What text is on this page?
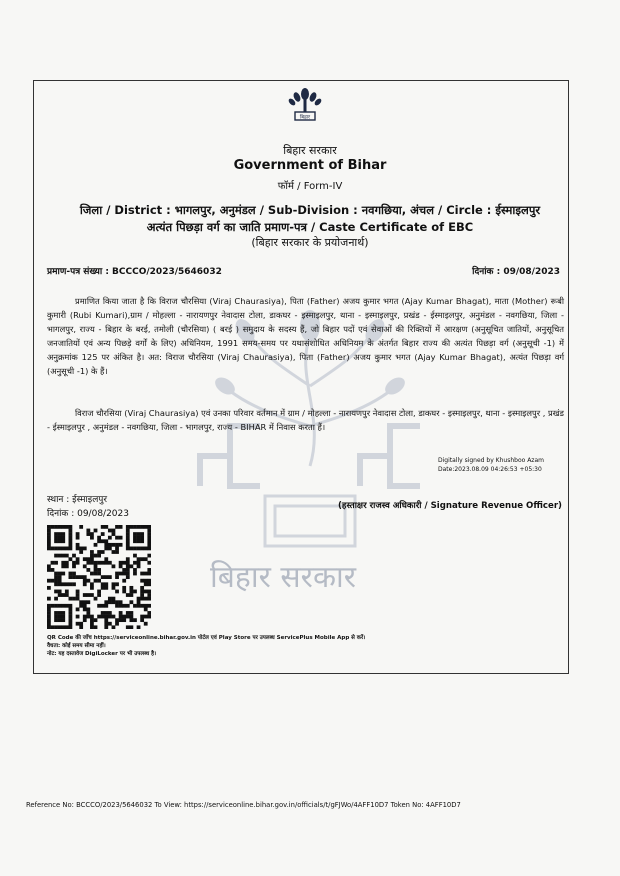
बिहार
बिहार सरकार
Government of Bihar
फॉर्म / Form-IV
जिला / District : भागलपुर, अनुमंडल / Sub-Division : नवगछिया, अंचल / Circle : ईस्माइलपुर
अत्यंत पिछड़ा वर्ग का जाति प्रमाण-पत्र / Caste Certificate of EBC
(बिहार सरकार के प्रयोजनार्थ)
बिहार सरकार
प्रमाण-पत्र संख्या : BCCCO/2023/5646032	दिनांक : 09/08/2023
प्रमाणित किया जाता है कि विराज चौरसिया (Viraj Chaurasiya), पिता (Father) अजय कुमार भगत (Ajay Kumar Bhagat), माता (Mother) रूबी कुमारी (Rubi Kumari),ग्राम / मोहल्ला - नारायणपुर नेवादास टोला, डाकघर - इस्माइलपुर, थाना - इस्माइलपुर, प्रखंड - ईस्माइलपुर, अनुमंडल - नवगछिया, जिला - भागलपुर, राज्य - बिहार के बरई, तमोली (चौरसिया) ( बरई ) समुदाय के सदस्य हैं, जो बिहार पदों एवं सेवाओं की रिक्तियों में आरक्षण (अनुसूचित जातियों, अनुसूचित जनजातियों एवं अन्य पिछड़े वर्गों के लिए) अधिनियम, 1991 समय-समय पर यथासंशोधित अधिनियम के अंतर्गत बिहार राज्य की अत्यंत पिछड़ा वर्ग (अनुसूची -1) में अनुक्रमांक 125 पर अंकित है। अत: विराज चौरसिया (Viraj Chaurasiya), पिता (Father) अजय कुमार भगत (Ajay Kumar Bhagat), अत्यंत पिछड़ा वर्ग (अनुसूची -1) के हैं।
विराज चौरसिया (Viraj Chaurasiya) एवं उनका परिवार वर्तमान में ग्राम / मोहल्ला - नारायणपुर नेवादास टोला, डाकघर - इस्माइलपुर, थाना - इस्माइलपुर , प्रखंड - ईस्माइलपुर , अनुमंडल - नवगछिया, जिला - भागलपुर, राज्य - BIHAR में निवास करता हैं।
Digitally signed by Khushboo Azam
Date:2023.08.09 04:26:53 +05:30
स्थान : ईस्माइलपुर
दिनांक : 09/08/2023
(हस्ताक्षर राजस्व अधिकारी / Signature Revenue Officer)
QR Code की जाँच https://serviceonline.bihar.gov.in पोर्टल एवं Play Store पर उपलब्ध ServicePlus Mobile App से करें।
वैधता: कोई समय सीमा नहीं।
नोट: यह दस्तावेज DigiLocker पर भी उपलब्ध है।
Reference No: BCCCO/2023/5646032 To View: https://serviceonline.bihar.gov.in/officials/t/gFJWo/4AFF10D7 Token No: 4AFF10D7
